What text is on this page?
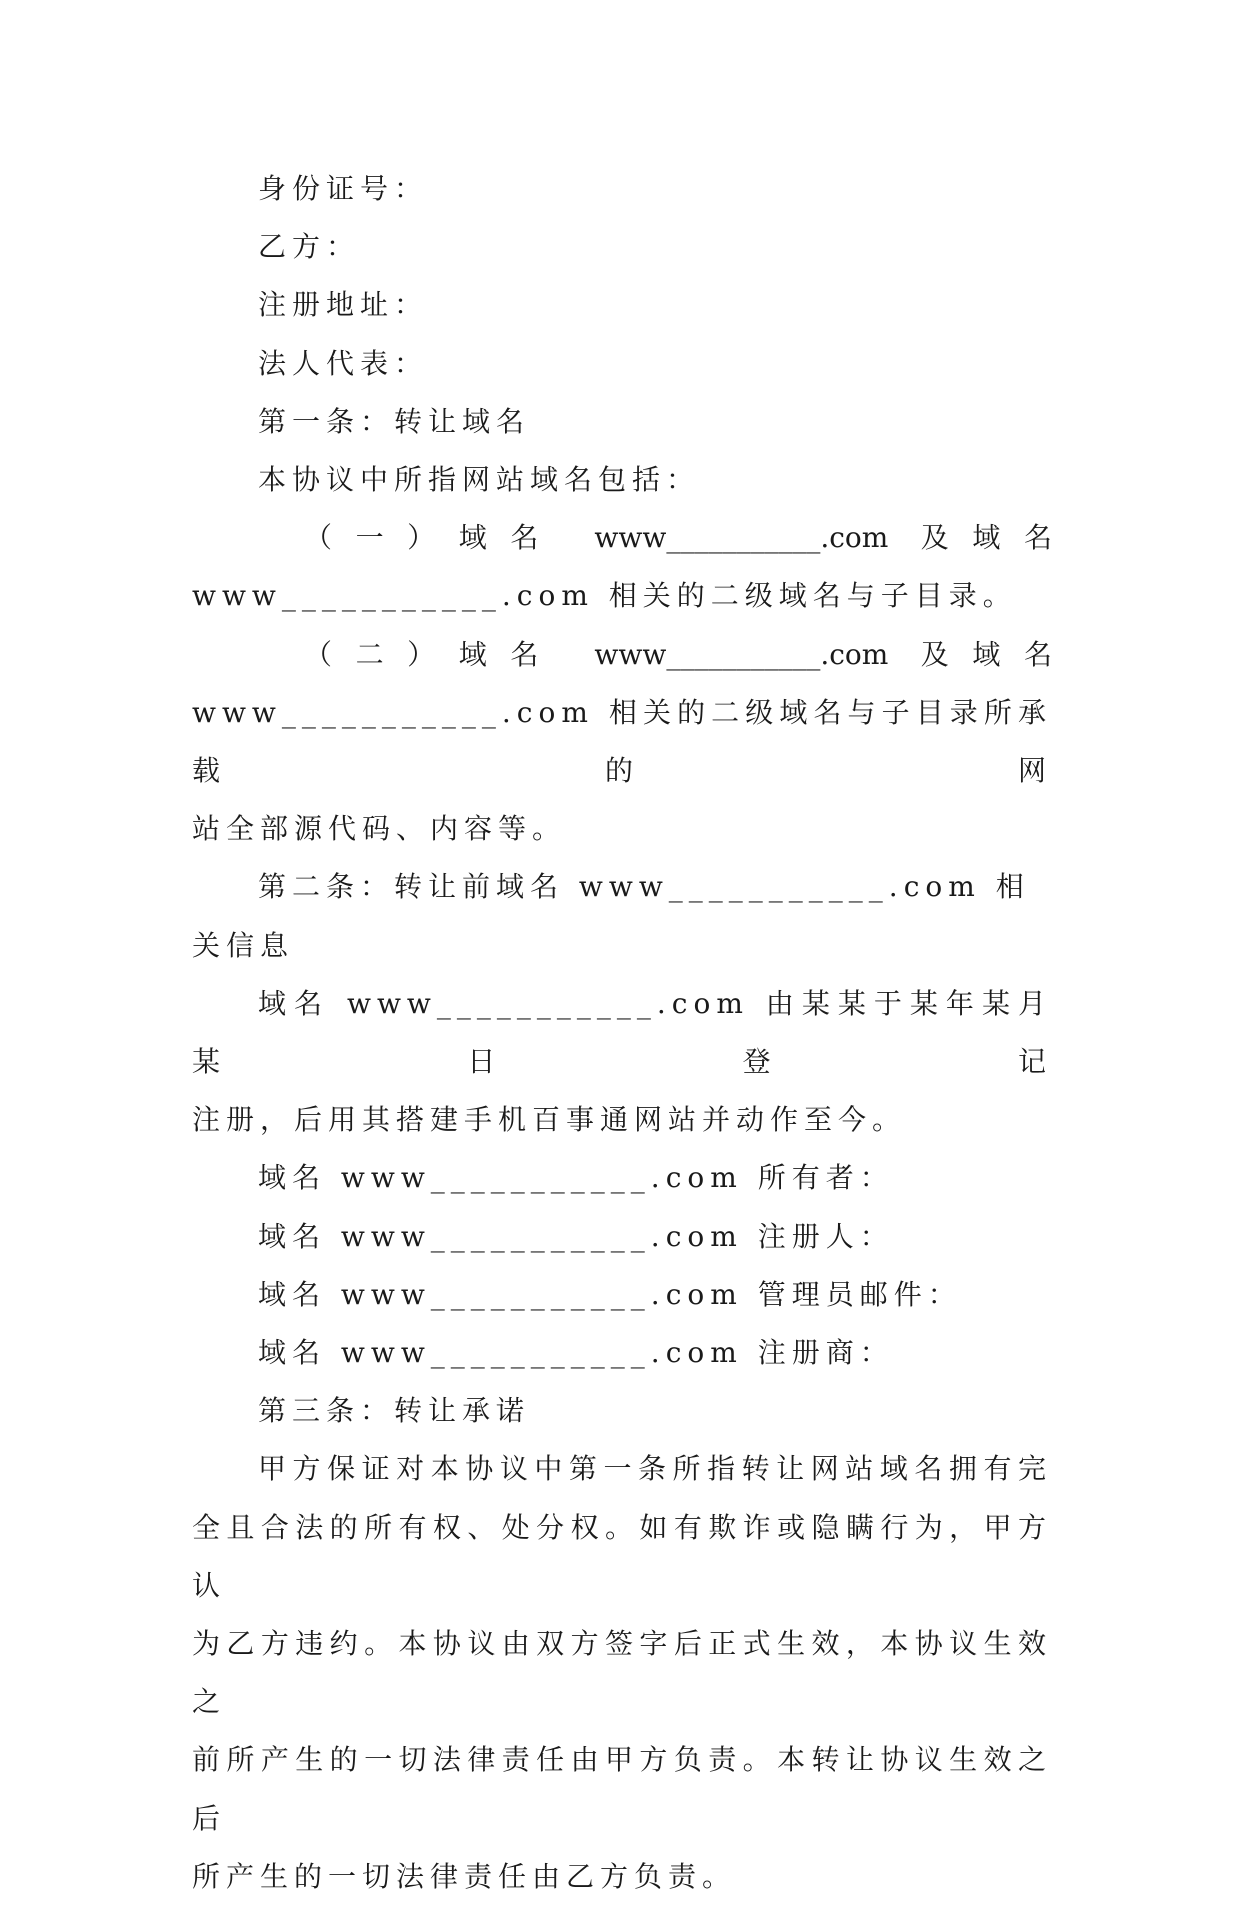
身份证号：

乙方：

注册地址：

法人代表：

第一条：转让域名

本协议中所指网站域名包括：

（一）域名 www___________.com 及域名

www___________.com 相关的二级域名与子目录。

（二）域名 www___________.com 及域名

www___________.com 相关的二级域名与子目录所承载的网

站全部源代码、内容等。

第二条：转让前域名 www___________.com 相关信息

域名 www___________.com 由某某于某年某月某日登记

注册，后用其搭建手机百事通网站并动作至今。

域名 www___________.com 所有者：

域名 www___________.com 注册人：

域名 www___________.com 管理员邮件：

域名 www___________.com 注册商：

第三条：转让承诺

甲方保证对本协议中第一条所指转让网站域名拥有完

全且合法的所有权、处分权。如有欺诈或隐瞒行为，甲方认

为乙方违约。本协议由双方签字后正式生效，本协议生效之

前所产生的一切法律责任由甲方负责。本转让协议生效之后

所产生的一切法律责任由乙方负责。
